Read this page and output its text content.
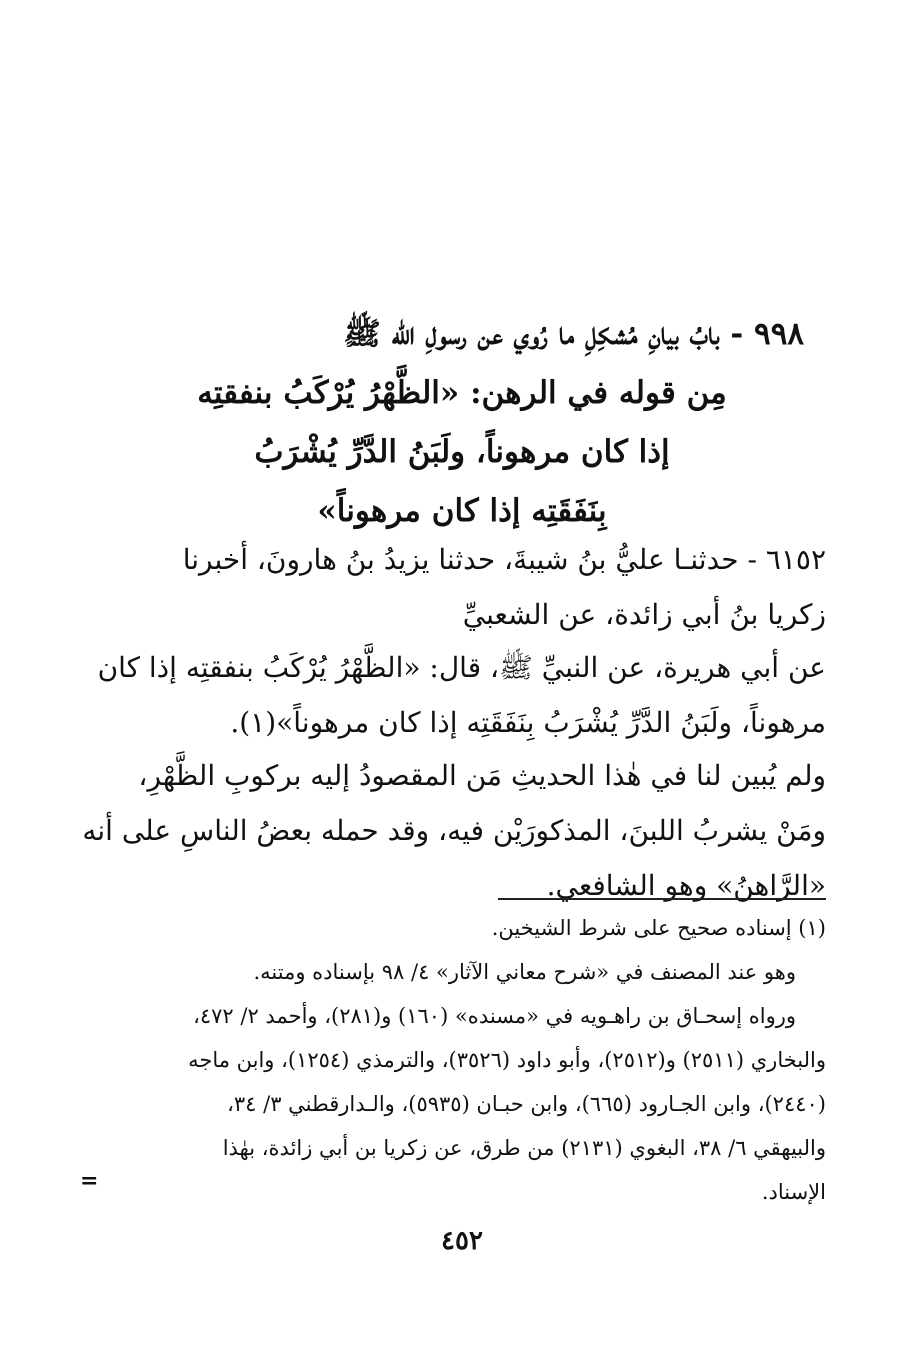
٩٩٨ - بابُ بيانِ مُشكِلِ ما رُوي عن رسولِ الله ﷺ
مِن قوله في الرهن: «الظَّهْرُ يُرْكَبُ بنفقتِه
إذا كان مرهوناً، ولَبَنُ الدَّرِّ يُشْرَبُ
بِنَفَقَتِه إذا كان مرهوناً»
٦١٥٢ - حدثنـا عليُّ بنُ شيبةَ، حدثنا يزيدُ بنُ هارونَ، أخبرنا
زكريا بنُ أبي زائدة، عن الشعبيِّ
عن أبي هريرة، عن النبيِّ ﷺ، قال: «الظَّهْرُ يُرْكَبُ بنفقتِه إذا كان
مرهوناً، ولَبَنُ الدَّرِّ يُشْرَبُ بِنَفَقَتِه إذا كان مرهوناً»(١).
ولم يُبين لنا في هٰذا الحديثِ مَن المقصودُ إليه بركوبِ الظَّهْرِ،
ومَنْ يشربُ اللبنَ، المذكورَيْن فيه، وقد حمله بعضُ الناسِ على أنه
«الرَّاهنُ» وهو الشافعي.
(١) إسناده صحيح على شرط الشيخين.
وهو عند المصنف في «شرح معاني الآثار» ٤/ ٩٨ بإسناده ومتنه.
ورواه إسحـاق بن راهـويه في «مسنده» (١٦٠) و(٢٨١)، وأحمد ٢/ ٤٧٢،
والبخاري (٢٥١١) و(٢٥١٢)، وأبو داود (٣٥٢٦)، والترمذي (١٢٥٤)، وابن ماجه
(٢٤٤٠)، وابن الجـارود (٦٦٥)، وابن حبـان (٥٩٣٥)، والـدارقطني ٣/ ٣٤،
والبيهقي ٦/ ٣٨، البغوي (٢١٣١) من طرق، عن زكريا بن أبي زائدة، بهٰذا
الإسناد.
=
٤٥٢
